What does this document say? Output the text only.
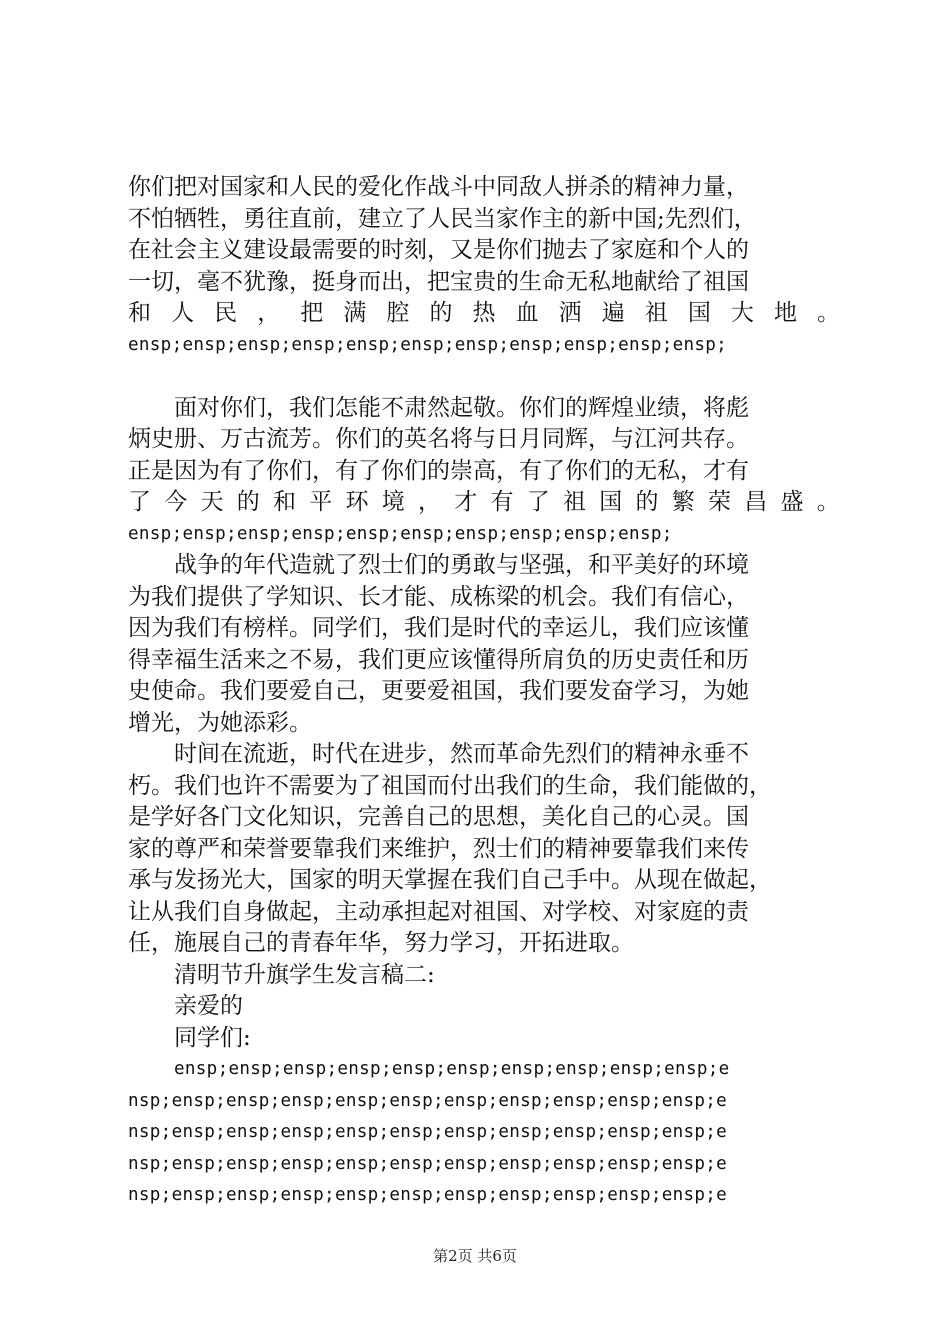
你们把对国家和人民的爱化作战斗中同敌人拼杀的精神力量，
不怕牺牲，勇往直前，建立了人民当家作主的新中国;先烈们，
在社会主义建设最需要的时刻，又是你们抛去了家庭和个人的
一切，毫不犹豫，挺身而出，把宝贵的生命无私地献给了祖国
和 人 民 ， 把 满 腔 的 热 血 洒 遍 祖 国 大 地 。
ensp;ensp;ensp;ensp;ensp;ensp;ensp;ensp;ensp;ensp;ensp;
面对你们，我们怎能不肃然起敬。你们的辉煌业绩，将彪
炳史册、万古流芳。你们的英名将与日月同辉，与江河共存。
正是因为有了你们，有了你们的崇高，有了你们的无私，才有
了 今 天 的 和 平 环 境 ， 才 有 了 祖 国 的 繁 荣 昌 盛 。
ensp;ensp;ensp;ensp;ensp;ensp;ensp;ensp;ensp;ensp;
战争的年代造就了烈士们的勇敢与坚强，和平美好的环境
为我们提供了学知识、长才能、成栋梁的机会。我们有信心，
因为我们有榜样。同学们，我们是时代的幸运儿，我们应该懂
得幸福生活来之不易，我们更应该懂得所肩负的历史责任和历
史使命。我们要爱自己，更要爱祖国，我们要发奋学习，为她
增光，为她添彩。
时间在流逝，时代在进步，然而革命先烈们的精神永垂不
朽。我们也许不需要为了祖国而付出我们的生命，我们能做的，
是学好各门文化知识，完善自己的思想，美化自己的心灵。国
家的尊严和荣誉要靠我们来维护，烈士们的精神要靠我们来传
承与发扬光大，国家的明天掌握在我们自己手中。从现在做起，
让从我们自身做起，主动承担起对祖国、对学校、对家庭的责
任，施展自己的青春年华，努力学习，开拓进取。
清明节升旗学生发言稿二:
亲爱的
同学们:
ensp;ensp;ensp;ensp;ensp;ensp;ensp;ensp;ensp;ensp;e
nsp;ensp;ensp;ensp;ensp;ensp;ensp;ensp;ensp;ensp;ensp;e
nsp;ensp;ensp;ensp;ensp;ensp;ensp;ensp;ensp;ensp;ensp;e
nsp;ensp;ensp;ensp;ensp;ensp;ensp;ensp;ensp;ensp;ensp;e
nsp;ensp;ensp;ensp;ensp;ensp;ensp;ensp;ensp;ensp;ensp;e
第2页 共6页
